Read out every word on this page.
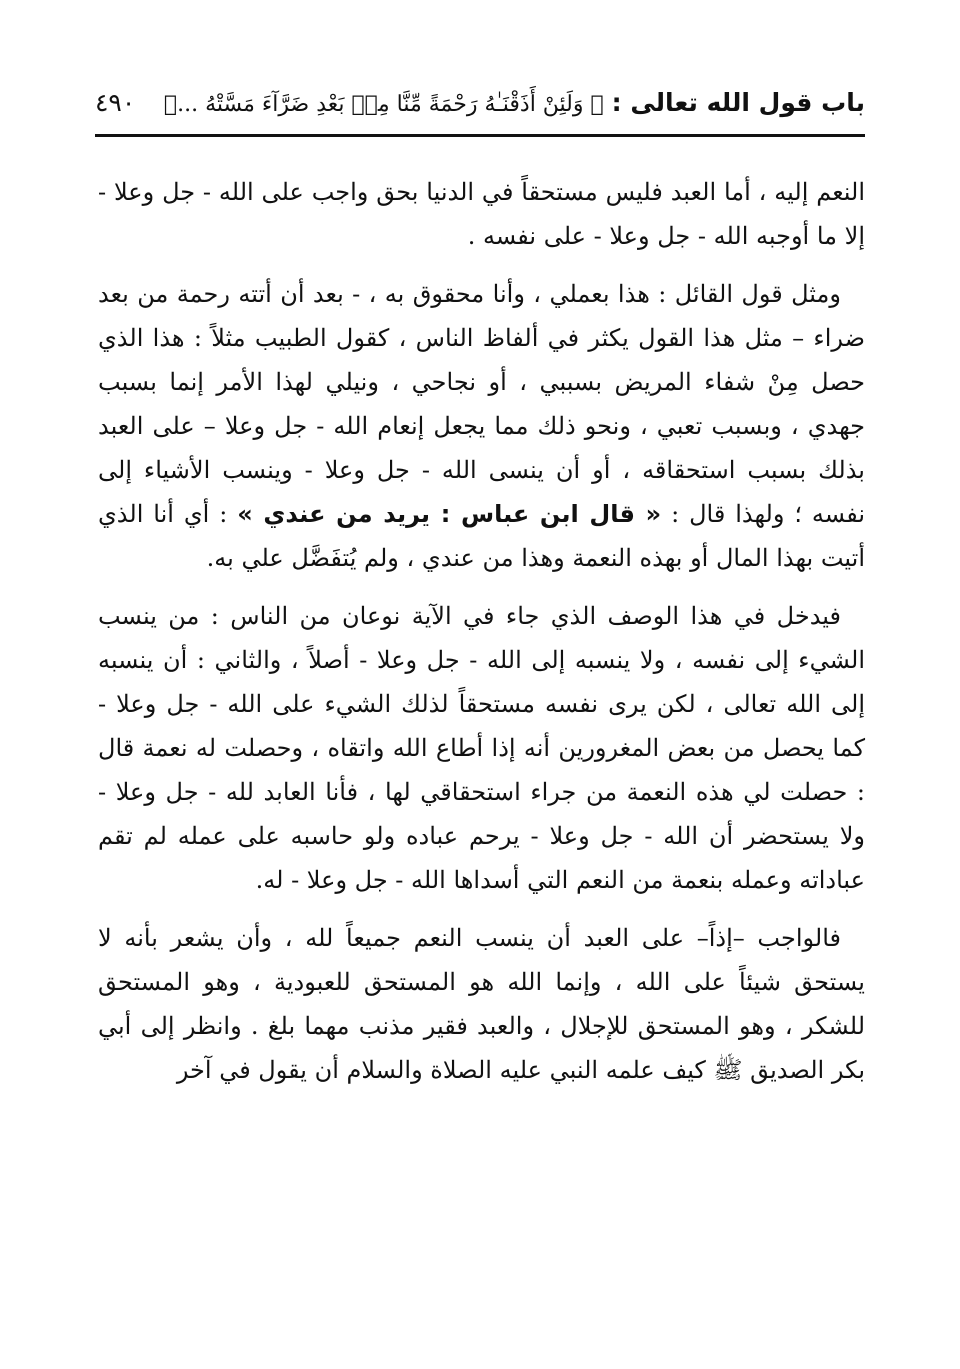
باب قول الله تعالى : ﴿ وَلَئِنْ أَذَقْنَـٰهُ رَحْمَةً مِّنَّا مِنۢ بَعْدِ ضَرَّآءَ مَسَّتْهُ ...﴾
٤٩٠

النعم إليه ، أما العبد فليس مستحقاً في الدنيا بحق واجب على الله - جل وعلا - إلا ما أوجبه الله - جل وعلا - على نفسه .

ومثل قول القائل : هذا بعملي ، وأنا محقوق به ، - بعد أن أتته رحمة من بعد ضراء – مثل هذا القول يكثر في ألفاظ الناس ، كقول الطبيب مثلاً : هذا الذي حصل مِنْ شفاء المريض بسببي ، أو نجاحي ، ونيلي لهذا الأمر إنما بسبب جهدي ، وبسبب تعبي ، ونحو ذلك مما يجعل إنعام الله - جل وعلا – على العبد بذلك بسبب استحقاقه ، أو أن ينسى الله - جل وعلا - وينسب الأشياء إلى نفسه ؛ ولهذا قال : « قال ابن عباس : يريد من عندي » : أي أنا الذي أتيت بهذا المال أو بهذه النعمة وهذا من عندي ، ولم يُتفَضَّل علي به.

فيدخل في هذا الوصف الذي جاء في الآية نوعان من الناس : من ينسب الشيء إلى نفسه ، ولا ينسبه إلى الله - جل وعلا - أصلاً ، والثاني : أن ينسبه إلى الله تعالى ، لكن يرى نفسه مستحقاً لذلك الشيء على الله - جل وعلا - كما يحصل من بعض المغرورين أنه إذا أطاع الله واتقاه ، وحصلت له نعمة قال : حصلت لي هذه النعمة من جراء استحقاقي لها ، فأنا العابد لله - جل وعلا - ولا يستحضر أن الله - جل وعلا - يرحم عباده ولو حاسبه على عمله لم تقم عباداته وعمله بنعمة من النعم التي أسداها الله - جل وعلا - له.

فالواجب –إذاً– على العبد أن ينسب النعم جميعاً لله ، وأن يشعر بأنه لا يستحق شيئاً على الله ، وإنما الله هو المستحق للعبودية ، وهو المستحق للشكر ، وهو المستحق للإجلال ، والعبد فقير مذنب مهما بلغ . وانظر إلى أبي بكر الصديق ﷺ كيف علمه النبي عليه الصلاة والسلام أن يقول في آخر
